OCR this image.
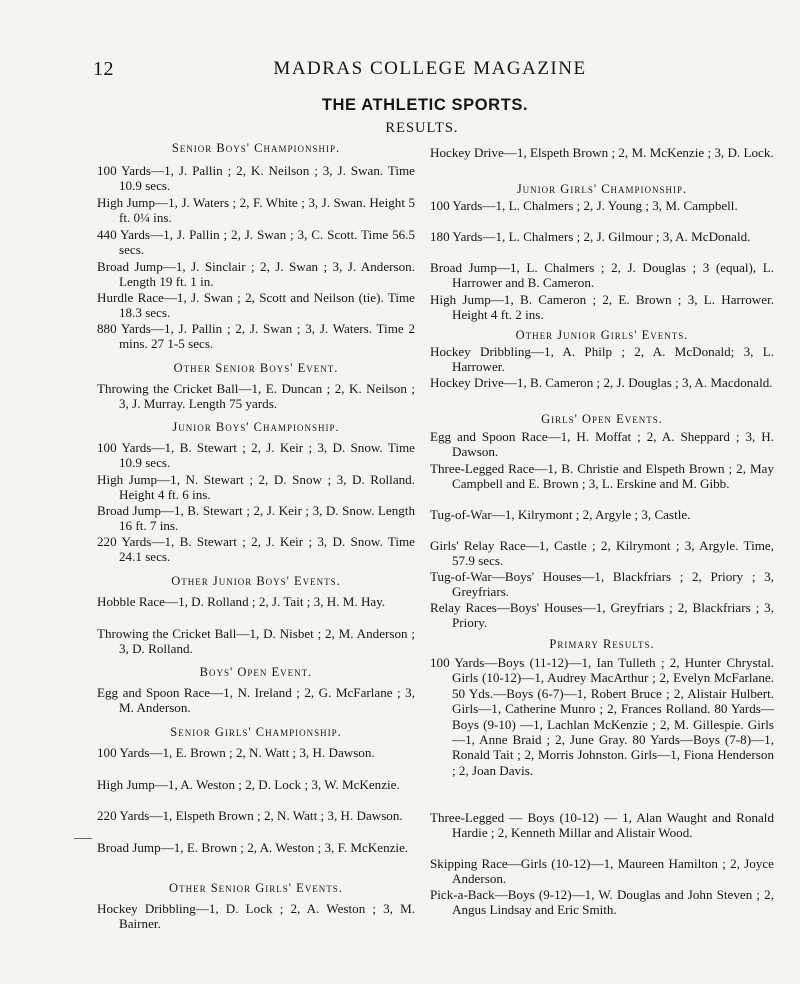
12	MADRAS COLLEGE MAGAZINE
THE ATHLETIC SPORTS.
RESULTS.
Senior Boys' Championship.
100 Yards—1, J. Pallin ; 2, K. Neilson ; 3, J. Swan. Time 10.9 secs.
High Jump—1, J. Waters ; 2, F. White ; 3, J. Swan. Height 5 ft. 0¼ ins.
440 Yards—1, J. Pallin ; 2, J. Swan ; 3, C. Scott. Time 56.5 secs.
Broad Jump—1, J. Sinclair ; 2, J. Swan ; 3, J. Anderson. Length 19 ft. 1 in.
Hurdle Race—1, J. Swan ; 2, Scott and Neilson (tie). Time 18.3 secs.
880 Yards—1, J. Pallin ; 2, J. Swan ; 3, J. Waters. Time 2 mins. 27 1-5 secs.
Other Senior Boys' Event.
Throwing the Cricket Ball—1, E. Duncan ; 2, K. Neilson ; 3, J. Murray. Length 75 yards.
Junior Boys' Championship.
100 Yards—1, B. Stewart ; 2, J. Keir ; 3, D. Snow. Time 10.9 secs.
High Jump—1, N. Stewart ; 2, D. Snow ; 3, D. Rolland. Height 4 ft. 6 ins.
Broad Jump—1, B. Stewart ; 2, J. Keir ; 3, D. Snow. Length 16 ft. 7 ins.
220 Yards—1, B. Stewart ; 2, J. Keir ; 3, D. Snow. Time 24.1 secs.
Other Junior Boys' Events.
Hobble Race—1, D. Rolland ; 2, J. Tait ; 3, H. M. Hay.
Throwing the Cricket Ball—1, D. Nisbet ; 2, M. Anderson ; 3, D. Rolland.
Boys' Open Event.
Egg and Spoon Race—1, N. Ireland ; 2, G. McFarlane ; 3, M. Anderson.
Senior Girls' Championship.
100 Yards—1, E. Brown ; 2, N. Watt ; 3, H. Dawson.
High Jump—1, A. Weston ; 2, D. Lock ; 3, W. McKenzie.
220 Yards—1, Elspeth Brown ; 2, N. Watt ; 3, H. Dawson.
Broad Jump—1, E. Brown ; 2, A. Weston ; 3, F. McKenzie.
Other Senior Girls' Events.
Hockey Dribbling—1, D. Lock ; 2, A. Weston ; 3, M. Bairner.
Hockey Drive—1, Elspeth Brown ; 2, M. McKenzie ; 3, D. Lock.
Junior Girls' Championship.
100 Yards—1, L. Chalmers ; 2, J. Young ; 3, M. Campbell.
180 Yards—1, L. Chalmers ; 2, J. Gilmour ; 3, A. McDonald.
Broad Jump—1, L. Chalmers ; 2, J. Douglas ; 3 (equal), L. Harrower and B. Cameron.
High Jump—1, B. Cameron ; 2, E. Brown ; 3, L. Harrower. Height 4 ft. 2 ins.
Other Junior Girls' Events.
Hockey Dribbling—1, A. Philp ; 2, A. McDonald; 3, L. Harrower.
Hockey Drive—1, B. Cameron ; 2, J. Douglas ; 3, A. Macdonald.
Girls' Open Events.
Egg and Spoon Race—1, H. Moffat ; 2, A. Sheppard ; 3, H. Dawson.
Three-Legged Race—1, B. Christie and Elspeth Brown ; 2, May Campbell and E. Brown ; 3, L. Erskine and M. Gibb.
Tug-of-War—1, Kilrymont ; 2, Argyle ; 3, Castle.
Girls' Relay Race—1, Castle ; 2, Kilrymont ; 3, Argyle. Time, 57.9 secs.
Tug-of-War—Boys' Houses—1, Blackfriars ; 2, Priory ; 3, Greyfriars.
Relay Races—Boys' Houses—1, Greyfriars ; 2, Blackfriars ; 3, Priory.
Primary Results.
100 Yards—Boys (11-12)—1, Ian Tulleth ; 2, Hunter Chrystal. Girls (10-12)—1, Audrey MacArthur ; 2, Evelyn McFarlane. 50 Yds.—Boys (6-7)—1, Robert Bruce ; 2, Alistair Hulbert. Girls—1, Catherine Munro ; 2, Frances Rolland. 80 Yards—Boys (9-10) —1, Lachlan McKenzie ; 2, M. Gillespie. Girls—1, Anne Braid ; 2, June Gray. 80 Yards—Boys (7-8)—1, Ronald Tait ; 2, Morris Johnston. Girls—1, Fiona Henderson ; 2, Joan Davis.
Three-Legged — Boys (10-12) — 1, Alan Waught and Ronald Hardie ; 2, Kenneth Millar and Alistair Wood.
Skipping Race—Girls (10-12)—1, Maureen Hamilton ; 2, Joyce Anderson.
Pick-a-Back—Boys (9-12)—1, W. Douglas and John Steven ; 2, Angus Lindsay and Eric Smith.
